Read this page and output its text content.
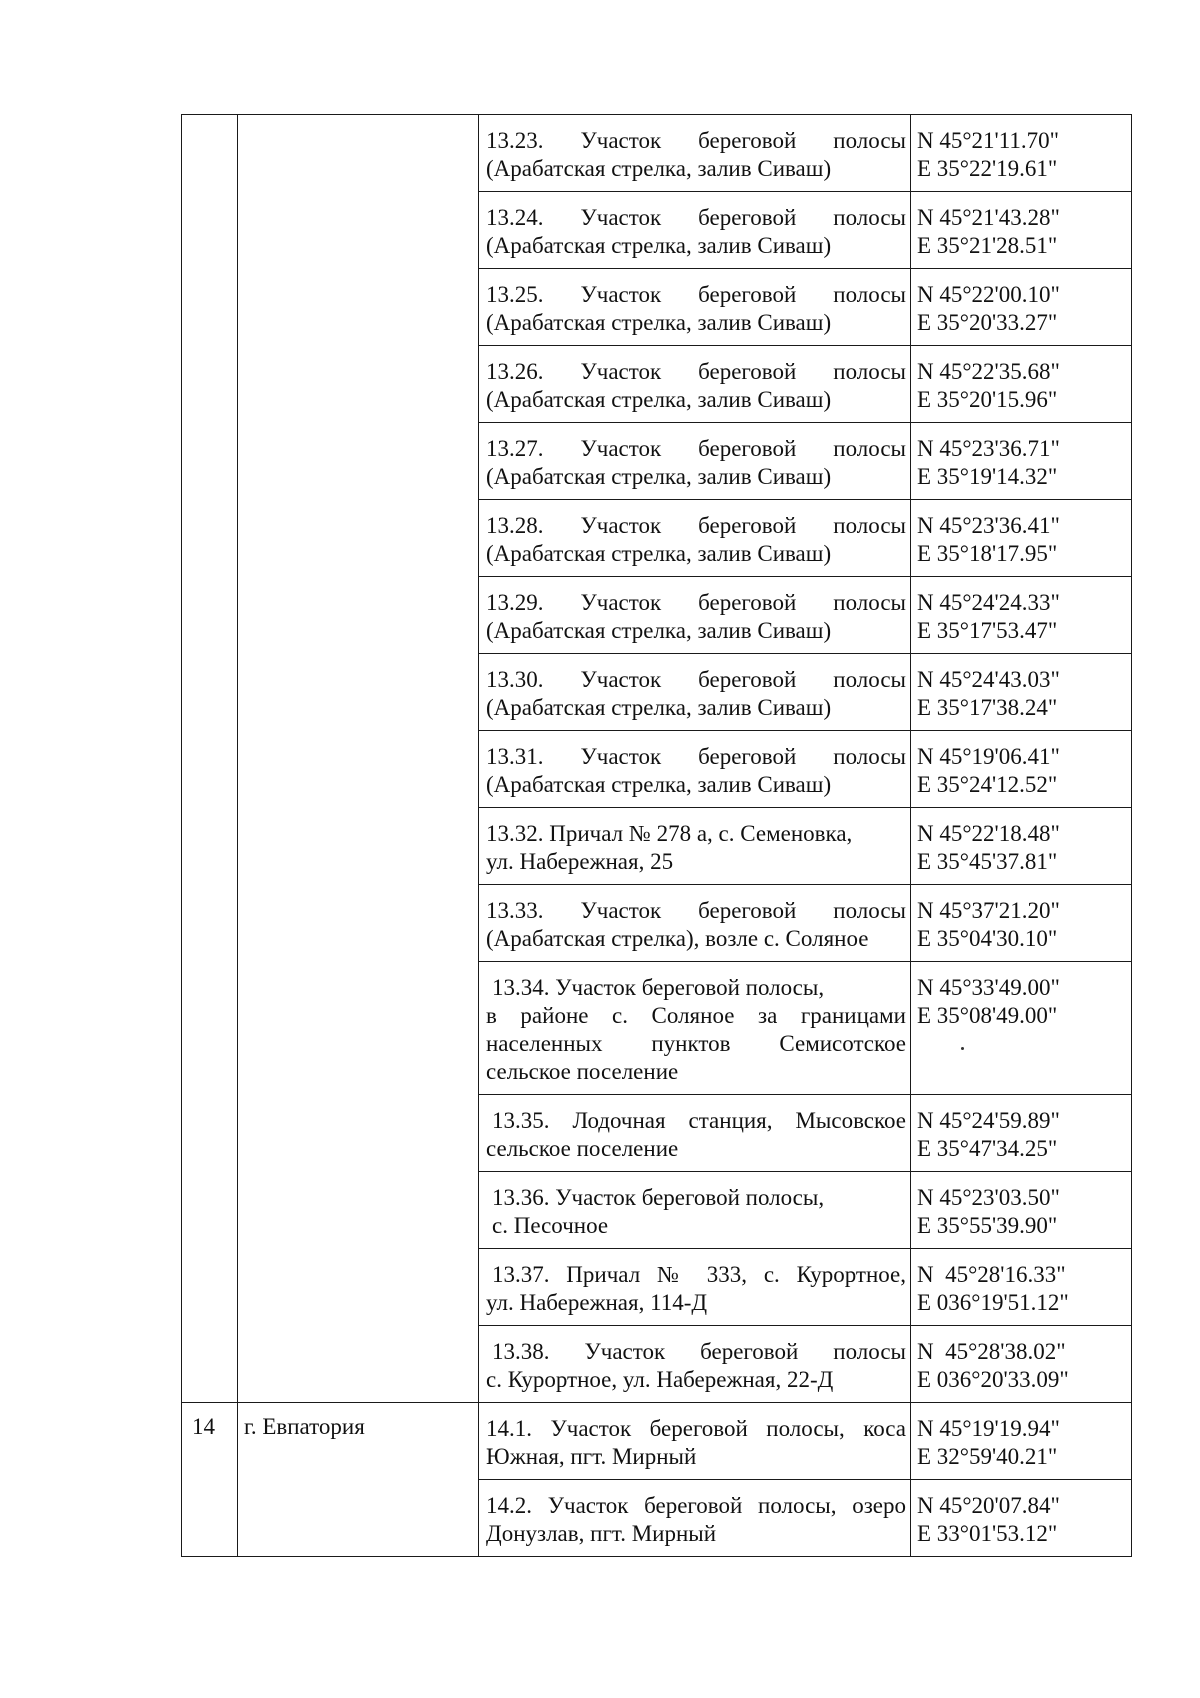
		13.23. Участок береговой полосы
(Арабатская стрелка, залив Сиваш)	N 45°21'11.70"
E 35°22'19.61"

		13.24. Участок береговой полосы
(Арабатская стрелка, залив Сиваш)	N 45°21'43.28"
E 35°21'28.51"

		13.25. Участок береговой полосы
(Арабатская стрелка, залив Сиваш)	N 45°22'00.10"
E 35°20'33.27"

		13.26. Участок береговой полосы
(Арабатская стрелка, залив Сиваш)	N 45°22'35.68"
E 35°20'15.96"

		13.27. Участок береговой полосы
(Арабатская стрелка, залив Сиваш)	N 45°23'36.71"
E 35°19'14.32"

		13.28. Участок береговой полосы
(Арабатская стрелка, залив Сиваш)	N 45°23'36.41"
E 35°18'17.95"

		13.29. Участок береговой полосы
(Арабатская стрелка, залив Сиваш)	N 45°24'24.33"
E 35°17'53.47"

		13.30. Участок береговой полосы
(Арабатская стрелка, залив Сиваш)	N 45°24'43.03"
E 35°17'38.24"

		13.31. Участок береговой полосы
(Арабатская стрелка, залив Сиваш)	N 45°19'06.41"
E 35°24'12.52"

		13.32. Причал № 278 а, с. Семеновка,
ул. Набережная, 25	N 45°22'18.48"
E 35°45'37.81"

		13.33. Участок береговой полосы
(Арабатская стрелка), возле с. Соляное	N 45°37'21.20"
E 35°04'30.10"

		13.34. Участок береговой полосы,
в районе с. Соляное за границами населенных пунктов Семисотское сельское поселение	N 45°33'49.00"
E 35°08'49.00"

		13.35. Лодочная станция, Мысовское
сельское поселение	N 45°24'59.89"
E 35°47'34.25"

		13.36. Участок береговой полосы,
с. Песочное	N 45°23'03.50"
E 35°55'39.90"

		13.37. Причал № 333, с. Курортное,
ул. Набережная, 114-Д	N  45°28'16.33"
E 036°19'51.12"

		13.38. Участок береговой полосы
с. Курортное, ул. Набережная, 22-Д	N  45°28'38.02"
E 036°20'33.09"

14	г. Евпатория	14.1. Участок береговой полосы, коса
Южная, пгт. Мирный	N 45°19'19.94"
E 32°59'40.21"

		14.2. Участок береговой полосы, озеро
Донузлав, пгт. Мирный	N 45°20'07.84"
E 33°01'53.12"
